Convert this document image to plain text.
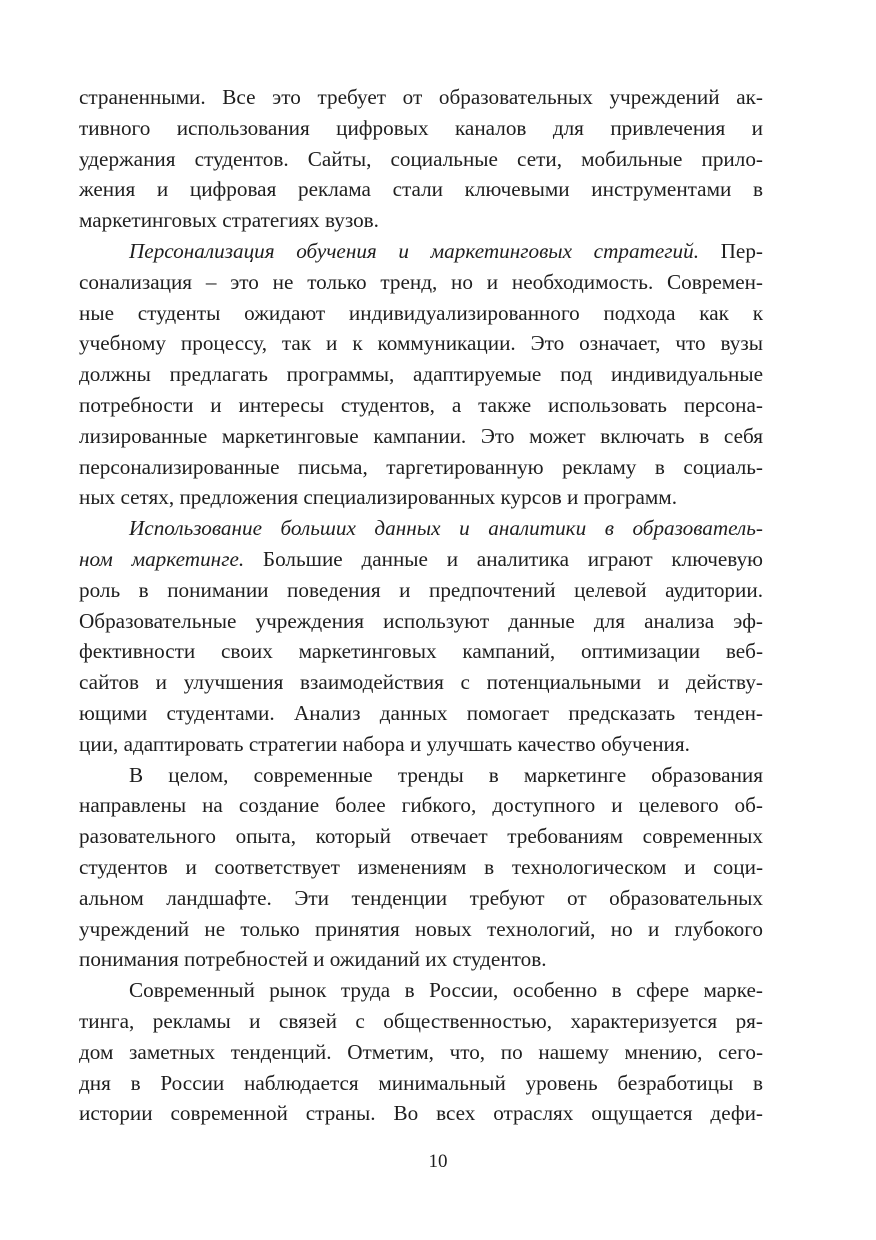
страненными. Все это требует от образовательных учреждений ак-
тивного использования цифровых каналов для привлечения и
удержания студентов. Сайты, социальные сети, мобильные прило-
жения и цифровая реклама стали ключевыми инструментами в
маркетинговых стратегиях вузов.
Персонализация обучения и маркетинговых стратегий. Пер-
сонализация – это не только тренд, но и необходимость. Современ-
ные студенты ожидают индивидуализированного подхода как к
учебному процессу, так и к коммуникации. Это означает, что вузы
должны предлагать программы, адаптируемые под индивидуальные
потребности и интересы студентов, а также использовать персона-
лизированные маркетинговые кампании. Это может включать в себя
персонализированные письма, таргетированную рекламу в социаль-
ных сетях, предложения специализированных курсов и программ.
Использование больших данных и аналитики в образователь-
ном маркетинге. Большие данные и аналитика играют ключевую
роль в понимании поведения и предпочтений целевой аудитории.
Образовательные учреждения используют данные для анализа эф-
фективности своих маркетинговых кампаний, оптимизации веб-
сайтов и улучшения взаимодействия с потенциальными и действу-
ющими студентами. Анализ данных помогает предсказать тенден-
ции, адаптировать стратегии набора и улучшать качество обучения.
В целом, современные тренды в маркетинге образования
направлены на создание более гибкого, доступного и целевого об-
разовательного опыта, который отвечает требованиям современных
студентов и соответствует изменениям в технологическом и соци-
альном ландшафте. Эти тенденции требуют от образовательных
учреждений не только принятия новых технологий, но и глубокого
понимания потребностей и ожиданий их студентов.
Современный рынок труда в России, особенно в сфере марке-
тинга, рекламы и связей с общественностью, характеризуется ря-
дом заметных тенденций. Отметим, что, по нашему мнению, сего-
дня в России наблюдается минимальный уровень безработицы в
истории современной страны. Во всех отраслях ощущается дефи-
10
